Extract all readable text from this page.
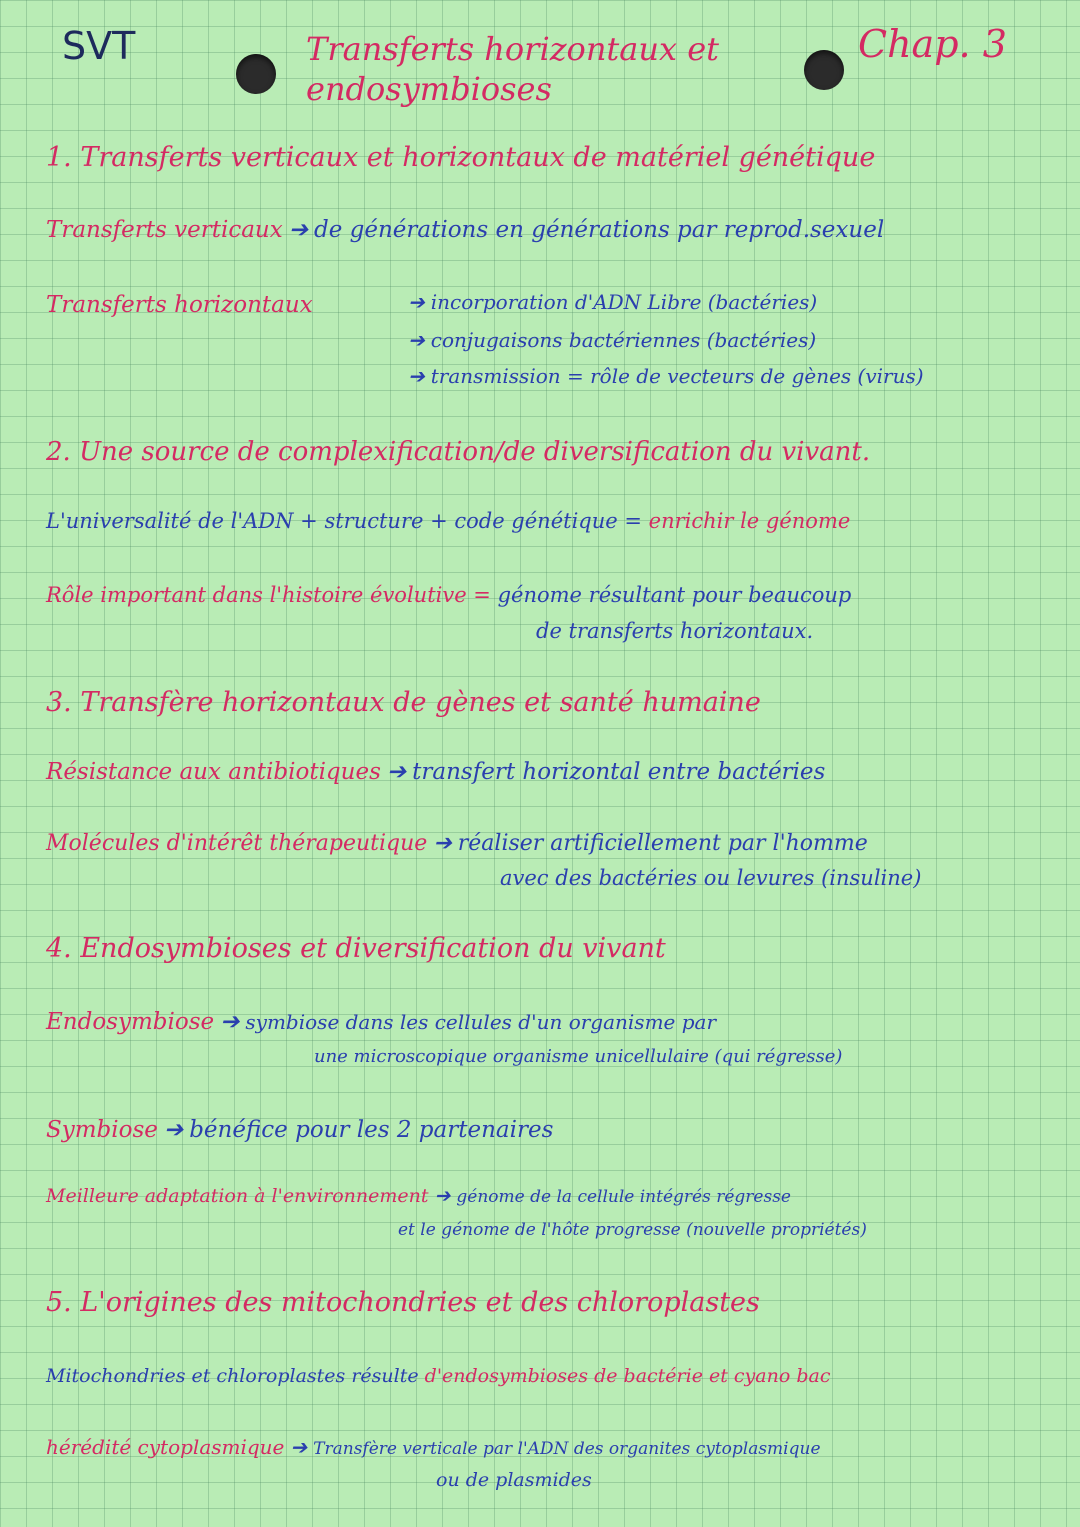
SVT	Transferts horizontaux et
endosymbioses
Chap. 3
1. Transferts verticaux et horizontaux de matériel génétique
Transferts verticaux ➔ de générations en générations par reprod.sexuel
Transferts horizontaux	➔ incorporation d'ADN Libre (bactéries)
➔ conjugaisons bactériennes (bactéries)
➔ transmission = rôle de vecteurs de gènes (virus)
2. Une source de complexification/de diversification du vivant.
L'universalité de l'ADN + structure + code génétique = enrichir le génome
Rôle important dans l'histoire évolutive = génome résultant pour beaucoup
de transferts horizontaux.
3. Transfère horizontaux de gènes et santé humaine
Résistance aux antibiotiques ➔ transfert horizontal entre bactéries
Molécules d'intérêt thérapeutique ➔ réaliser artificiellement par l'homme
avec des bactéries ou levures (insuline)
4. Endosymbioses et diversification du vivant
Endosymbiose ➔ symbiose dans les cellules d'un organisme par
une microscopique organisme unicellulaire (qui régresse)
Symbiose ➔ bénéfice pour les 2 partenaires
Meilleure adaptation à l'environnement ➔ génome de la cellule intégrés régresse
et le génome de l'hôte progresse (nouvelle propriétés)
5. L'origines des mitochondries et des chloroplastes
Mitochondries et chloroplastes résulte d'endosymbioses de bactérie et cyano bac
hérédité cytoplasmique ➔ Transfère verticale par l'ADN des organites cytoplasmique
ou de plasmides
